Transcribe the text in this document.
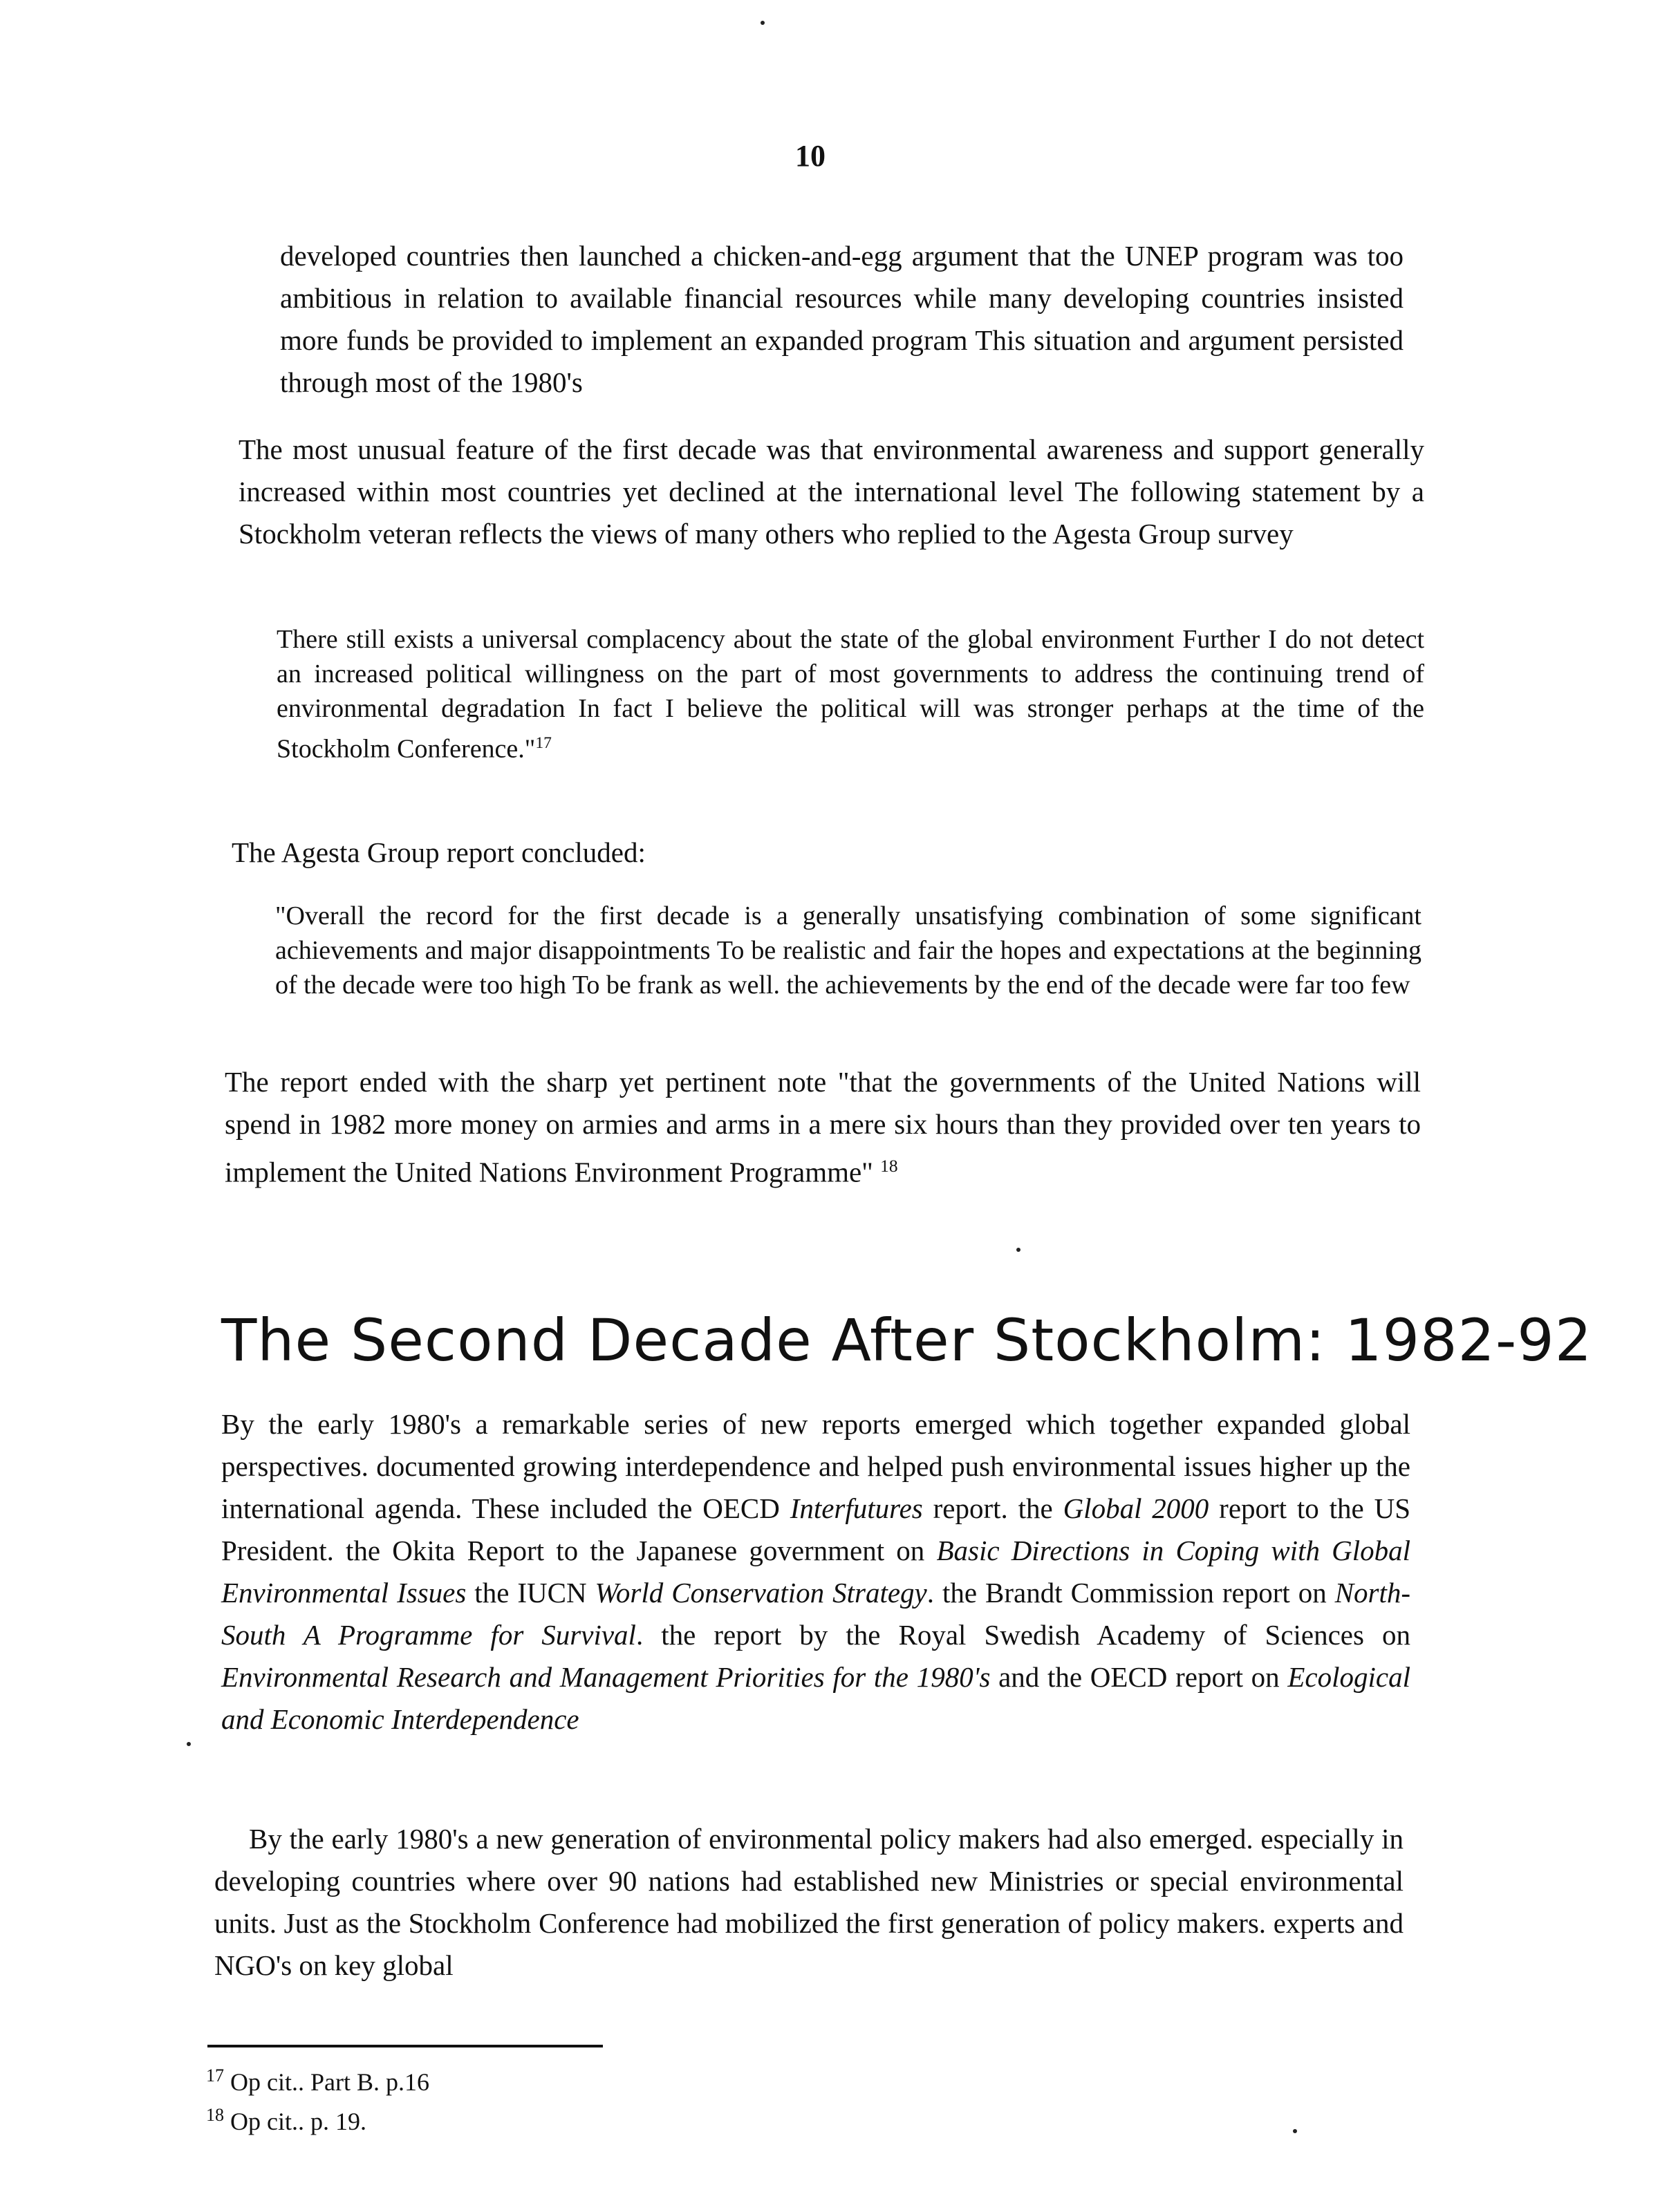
10

developed countries then launched a chicken-and-egg argument that the UNEP program was too ambitious in relation to available financial resources while many developing countries insisted more funds be provided to implement an expanded program This situation and argument persisted through most of the 1980's

The most unusual feature of the first decade was that environmental awareness and support generally increased within most countries yet declined at the international level The following statement by a Stockholm veteran reflects the views of many others who replied to the Agesta Group survey

There still exists a universal complacency about the state of the global environment Further I do not detect an increased political willingness on the part of most governments to address the continuing trend of environmental degradation In fact I believe the political will was stronger perhaps at the time of the Stockholm Conference."$^{17}$

The Agesta Group report concluded:

"Overall the record for the first decade is a generally unsatisfying combination of some significant achievements and major disappointments To be realistic and fair the hopes and expectations at the beginning of the decade were too high To be frank as well. the achievements by the end of the decade were far too few

The report ended with the sharp yet pertinent note "that the governments of the United Nations will spend in 1982 more money on armies and arms in a mere six hours than they provided over ten years to implement the United Nations Environment Programme" $^{18}$

The Second Decade After Stockholm: 1982-92

By the early 1980's a remarkable series of new reports emerged which together expanded global perspectives. documented growing interdependence and helped push environmental issues higher up the international agenda. These included the OECD Interfutures report. the Global 2000 report to the US President. the Okita Report to the Japanese government on Basic Directions in Coping with Global Environmental Issues the IUCN World Conservation Strategy. the Brandt Commission report on North-South A Programme for Survival. the report by the Royal Swedish Academy of Sciences on Environmental Research and Management Priorities for the 1980's and the OECD report on Ecological and Economic Interdependence

By the early 1980's a new generation of environmental policy makers had also emerged. especially in developing countries where over 90 nations had established new Ministries or special environmental units. Just as the Stockholm Conference had mobilized the first generation of policy makers. experts and NGO's on key global

$^{17}$ Op cit.. Part B. p.16
$^{18}$ Op cit.. p. 19.
